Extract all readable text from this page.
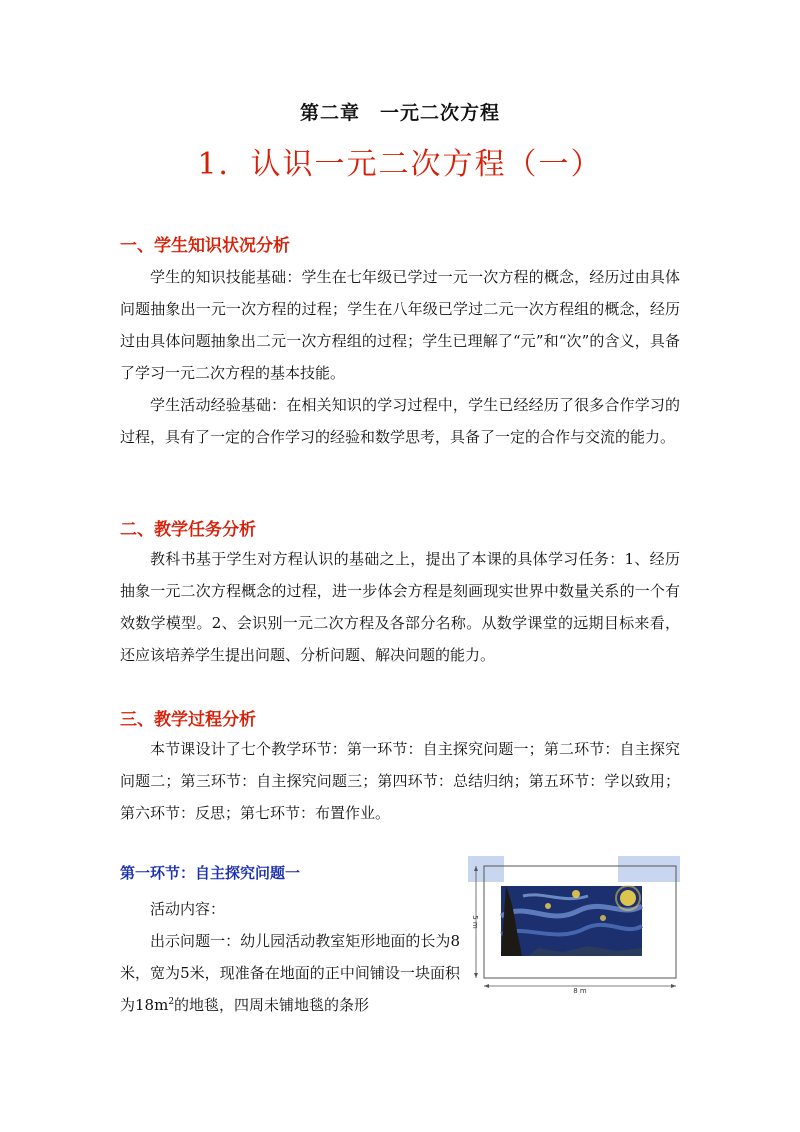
第二章　一元二次方程
1．认识一元二次方程（一）
一、学生知识状况分析
学生的知识技能基础：学生在七年级已学过一元一次方程的概念，经历过由具体问题抽象出一元一次方程的过程；学生在八年级已学过二元一次方程组的概念，经历过由具体问题抽象出二元一次方程组的过程；学生已理解了“元”和“次”的含义，具备了学习一元二次方程的基本技能。
学生活动经验基础：在相关知识的学习过程中，学生已经经历了很多合作学习的过程，具有了一定的合作学习的经验和数学思考，具备了一定的合作与交流的能力。
二、教学任务分析
教科书基于学生对方程认识的基础之上，提出了本课的具体学习任务：1、经历抽象一元二次方程概念的过程，进一步体会方程是刻画现实世界中数量关系的一个有效数学模型。2、会识别一元二次方程及各部分名称。从数学课堂的远期目标来看，还应该培养学生提出问题、分析问题、解决问题的能力。
三、教学过程分析
本节课设计了七个教学环节：第一环节：自主探究问题一；第二环节：自主探究问题二；第三环节：自主探究问题三；第四环节：总结归纳；第五环节：学以致用；第六环节：反思；第七环节：布置作业。
第一环节：自主探究问题一
活动内容：
出示问题一：幼儿园活动教室矩形地面的长为8米，宽为5米，现准备在地面的正中间铺设一块面积为$18m^2$的地毯，四周未铺地毯的条形
8 m
5 m
